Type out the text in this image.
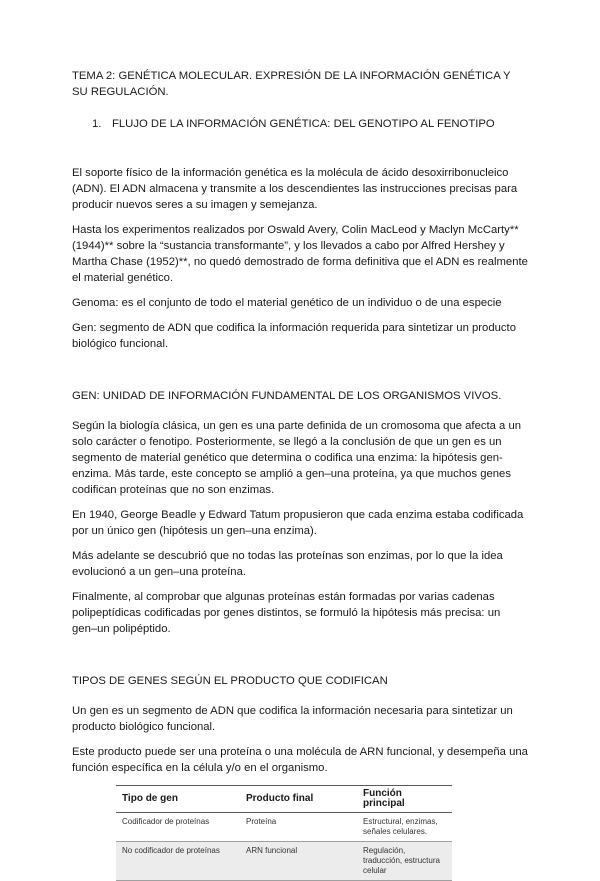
TEMA 2: GENÉTICA MOLECULAR. EXPRESIÓN DE LA INFORMACIÓN GENÉTICA Y SU REGULACIÓN.

1. FLUJO DE LA INFORMACIÓN GENÉTICA: DEL GENOTIPO AL FENOTIPO

El soporte físico de la información genética es la molécula de ácido desoxirribonucleico (ADN). El ADN almacena y transmite a los descendientes las instrucciones precisas para producir nuevos seres a su imagen y semejanza.

Hasta los experimentos realizados por Oswald Avery, Colin MacLeod y Maclyn McCarty** (1944)** sobre la “sustancia transformante”, y los llevados a cabo por Alfred Hershey y Martha Chase (1952)**, no quedó demostrado de forma definitiva que el ADN es realmente el material genético.

Genoma: es el conjunto de todo el material genético de un individuo o de una especie

Gen: segmento de ADN que codifica la información requerida para sintetizar un producto biológico funcional.

GEN: UNIDAD DE INFORMACIÓN FUNDAMENTAL DE LOS ORGANISMOS VIVOS.

Según la biología clásica, un gen es una parte definida de un cromosoma que afecta a un solo carácter o fenotipo. Posteriormente, se llegó a la conclusión de que un gen es un segmento de material genético que determina o codifica una enzima: la hipótesis gen-enzima. Más tarde, este concepto se amplió a gen–una proteína, ya que muchos genes codifican proteínas que no son enzimas.

En 1940, George Beadle y Edward Tatum propusieron que cada enzima estaba codificada por un único gen (hipótesis un gen–una enzima).

Más adelante se descubrió que no todas las proteínas son enzimas, por lo que la idea evolucionó a un gen–una proteína.

Finalmente, al comprobar que algunas proteínas están formadas por varias cadenas polipeptídicas codificadas por genes distintos, se formuló la hipótesis más precisa: un gen–un polipéptido.

TIPOS DE GENES SEGÚN EL PRODUCTO QUE CODIFICAN

Un gen es un segmento de ADN que codifica la información necesaria para sintetizar un producto biológico funcional.

Este producto puede ser una proteína o una molécula de ARN funcional, y desempeña una función específica en la célula y/o en el organismo.

Tipo de gen	Producto final	Función principal
Codificador de proteínas	Proteína	Estructural, enzimas, señales celulares.
No codificador de proteínas	ARN funcional	Regulación, traducción, estructura celular
